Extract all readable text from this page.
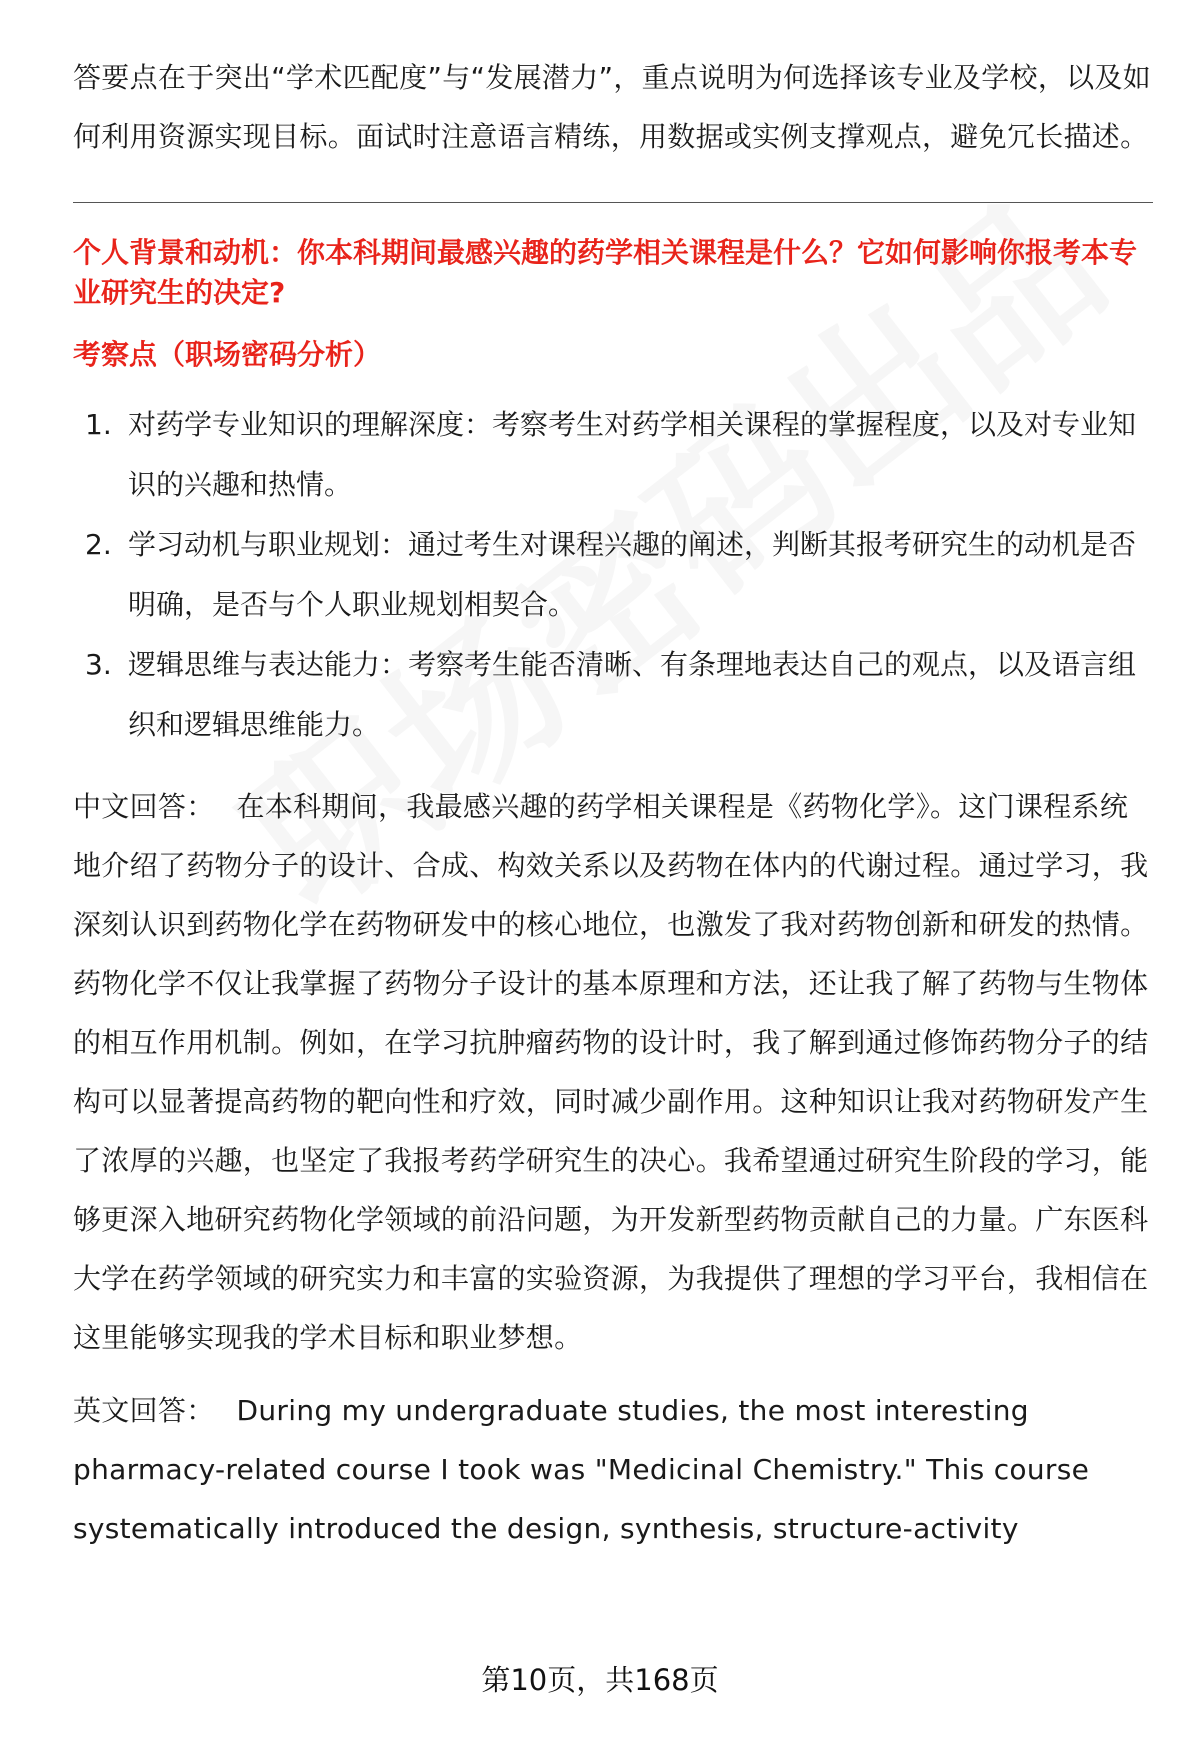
答要点在于突出“学术匹配度”与“发展潜力”，重点说明为何选择该专业及学校，以及如何利用资源实现目标。面试时注意语言精练，用数据或实例支撑观点，避免冗长描述。

个人背景和动机：你本科期间最感兴趣的药学相关课程是什么？它如何影响你报考本专业研究生的决定?

考察点（职场密码分析）

1. 对药学专业知识的理解深度：考察考生对药学相关课程的掌握程度，以及对专业知识的兴趣和热情。
2. 学习动机与职业规划：通过考生对课程兴趣的阐述，判断其报考研究生的动机是否明确，是否与个人职业规划相契合。
3. 逻辑思维与表达能力：考察考生能否清晰、有条理地表达自己的观点，以及语言组织和逻辑思维能力。

中文回答： 在本科期间，我最感兴趣的药学相关课程是《药物化学》。这门课程系统地介绍了药物分子的设计、合成、构效关系以及药物在体内的代谢过程。通过学习，我深刻认识到药物化学在药物研发中的核心地位，也激发了我对药物创新和研发的热情。药物化学不仅让我掌握了药物分子设计的基本原理和方法，还让我了解了药物与生物体的相互作用机制。例如，在学习抗肿瘤药物的设计时，我了解到通过修饰药物分子的结构可以显著提高药物的靶向性和疗效，同时减少副作用。这种知识让我对药物研发产生了浓厚的兴趣，也坚定了我报考药学研究生的决心。我希望通过研究生阶段的学习，能够更深入地研究药物化学领域的前沿问题，为开发新型药物贡献自己的力量。广东医科大学在药学领域的研究实力和丰富的实验资源，为我提供了理想的学习平台，我相信在这里能够实现我的学术目标和职业梦想。

英文回答： During my undergraduate studies, the most interesting pharmacy-related course I took was "Medicinal Chemistry." This course systematically introduced the design, synthesis, structure-activity

第10页，共168页
